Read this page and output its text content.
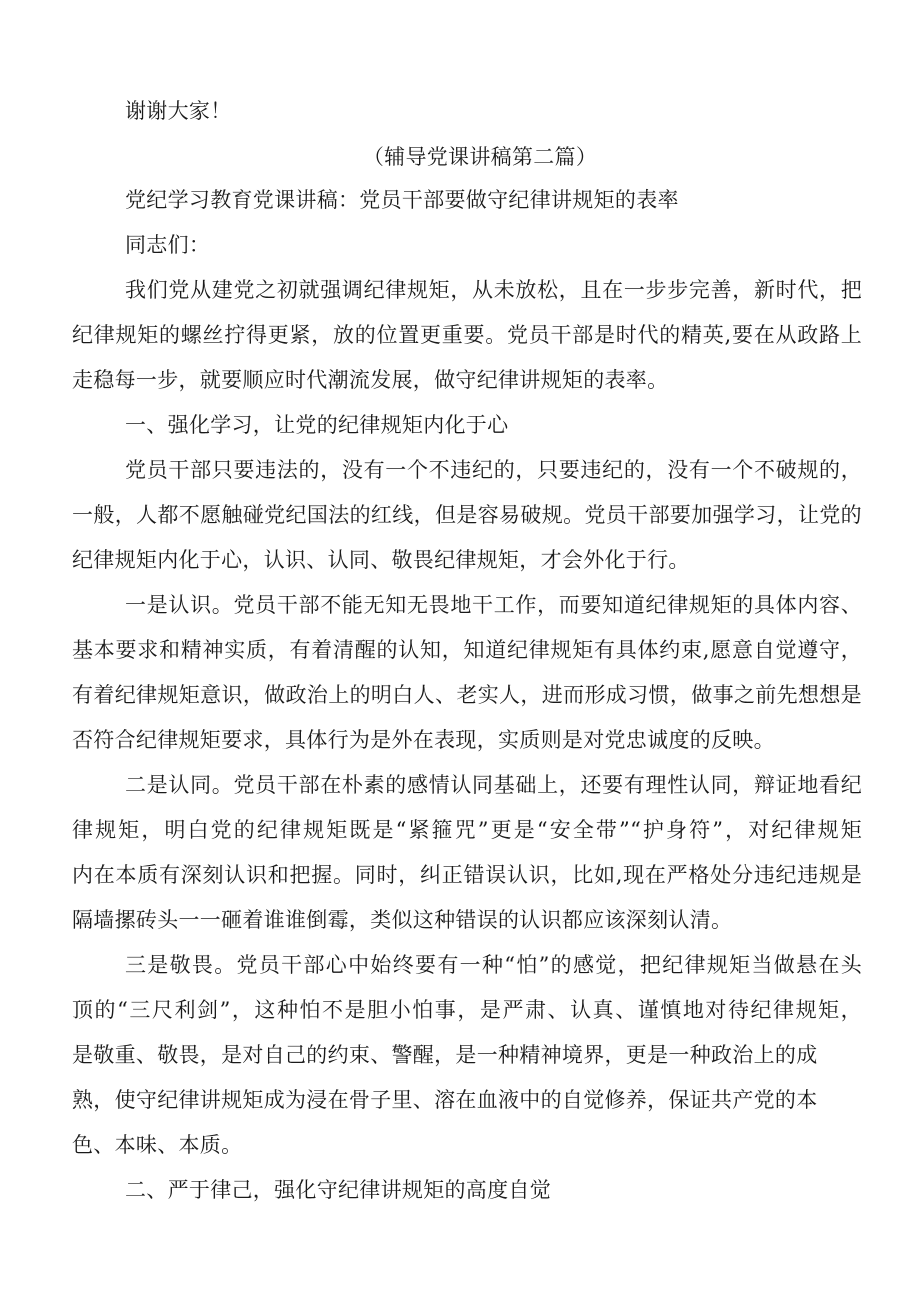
谢谢大家！
（辅导党课讲稿第二篇）
党纪学习教育党课讲稿：党员干部要做守纪律讲规矩的表率
同志们：
我们党从建党之初就强调纪律规矩，从未放松，且在一步步完善，新时代，把
纪律规矩的螺丝拧得更紧，放的位置更重要。党员干部是时代的精英,要在从政路上
走稳每一步，就要顺应时代潮流发展，做守纪律讲规矩的表率。
一、强化学习，让党的纪律规矩内化于心
党员干部只要违法的，没有一个不违纪的，只要违纪的，没有一个不破规的，
一般，人都不愿触碰党纪国法的红线，但是容易破规。党员干部要加强学习，让党的
纪律规矩内化于心，认识、认同、敬畏纪律规矩，才会外化于行。
一是认识。党员干部不能无知无畏地干工作，而要知道纪律规矩的具体内容、
基本要求和精神实质，有着清醒的认知，知道纪律规矩有具体约束,愿意自觉遵守，
有着纪律规矩意识，做政治上的明白人、老实人，进而形成习惯，做事之前先想想是
否符合纪律规矩要求，具体行为是外在表现，实质则是对党忠诚度的反映。
二是认同。党员干部在朴素的感情认同基础上，还要有理性认同，辩证地看纪
律规矩，明白党的纪律规矩既是“紧箍咒”更是“安全带”“护身符”，对纪律规矩
内在本质有深刻认识和把握。同时，纠正错误认识，比如,现在严格处分违纪违规是
隔墙摞砖头一一砸着谁谁倒霉，类似这种错误的认识都应该深刻认清。
三是敬畏。党员干部心中始终要有一种“怕”的感觉，把纪律规矩当做悬在头
顶的“三尺利剑”，这种怕不是胆小怕事，是严肃、认真、谨慎地对待纪律规矩，
是敬重、敬畏，是对自己的约束、警醒，是一种精神境界，更是一种政治上的成
熟，使守纪律讲规矩成为浸在骨子里、溶在血液中的自觉修养，保证共产党的本
色、本味、本质。
二、严于律己，强化守纪律讲规矩的高度自觉
